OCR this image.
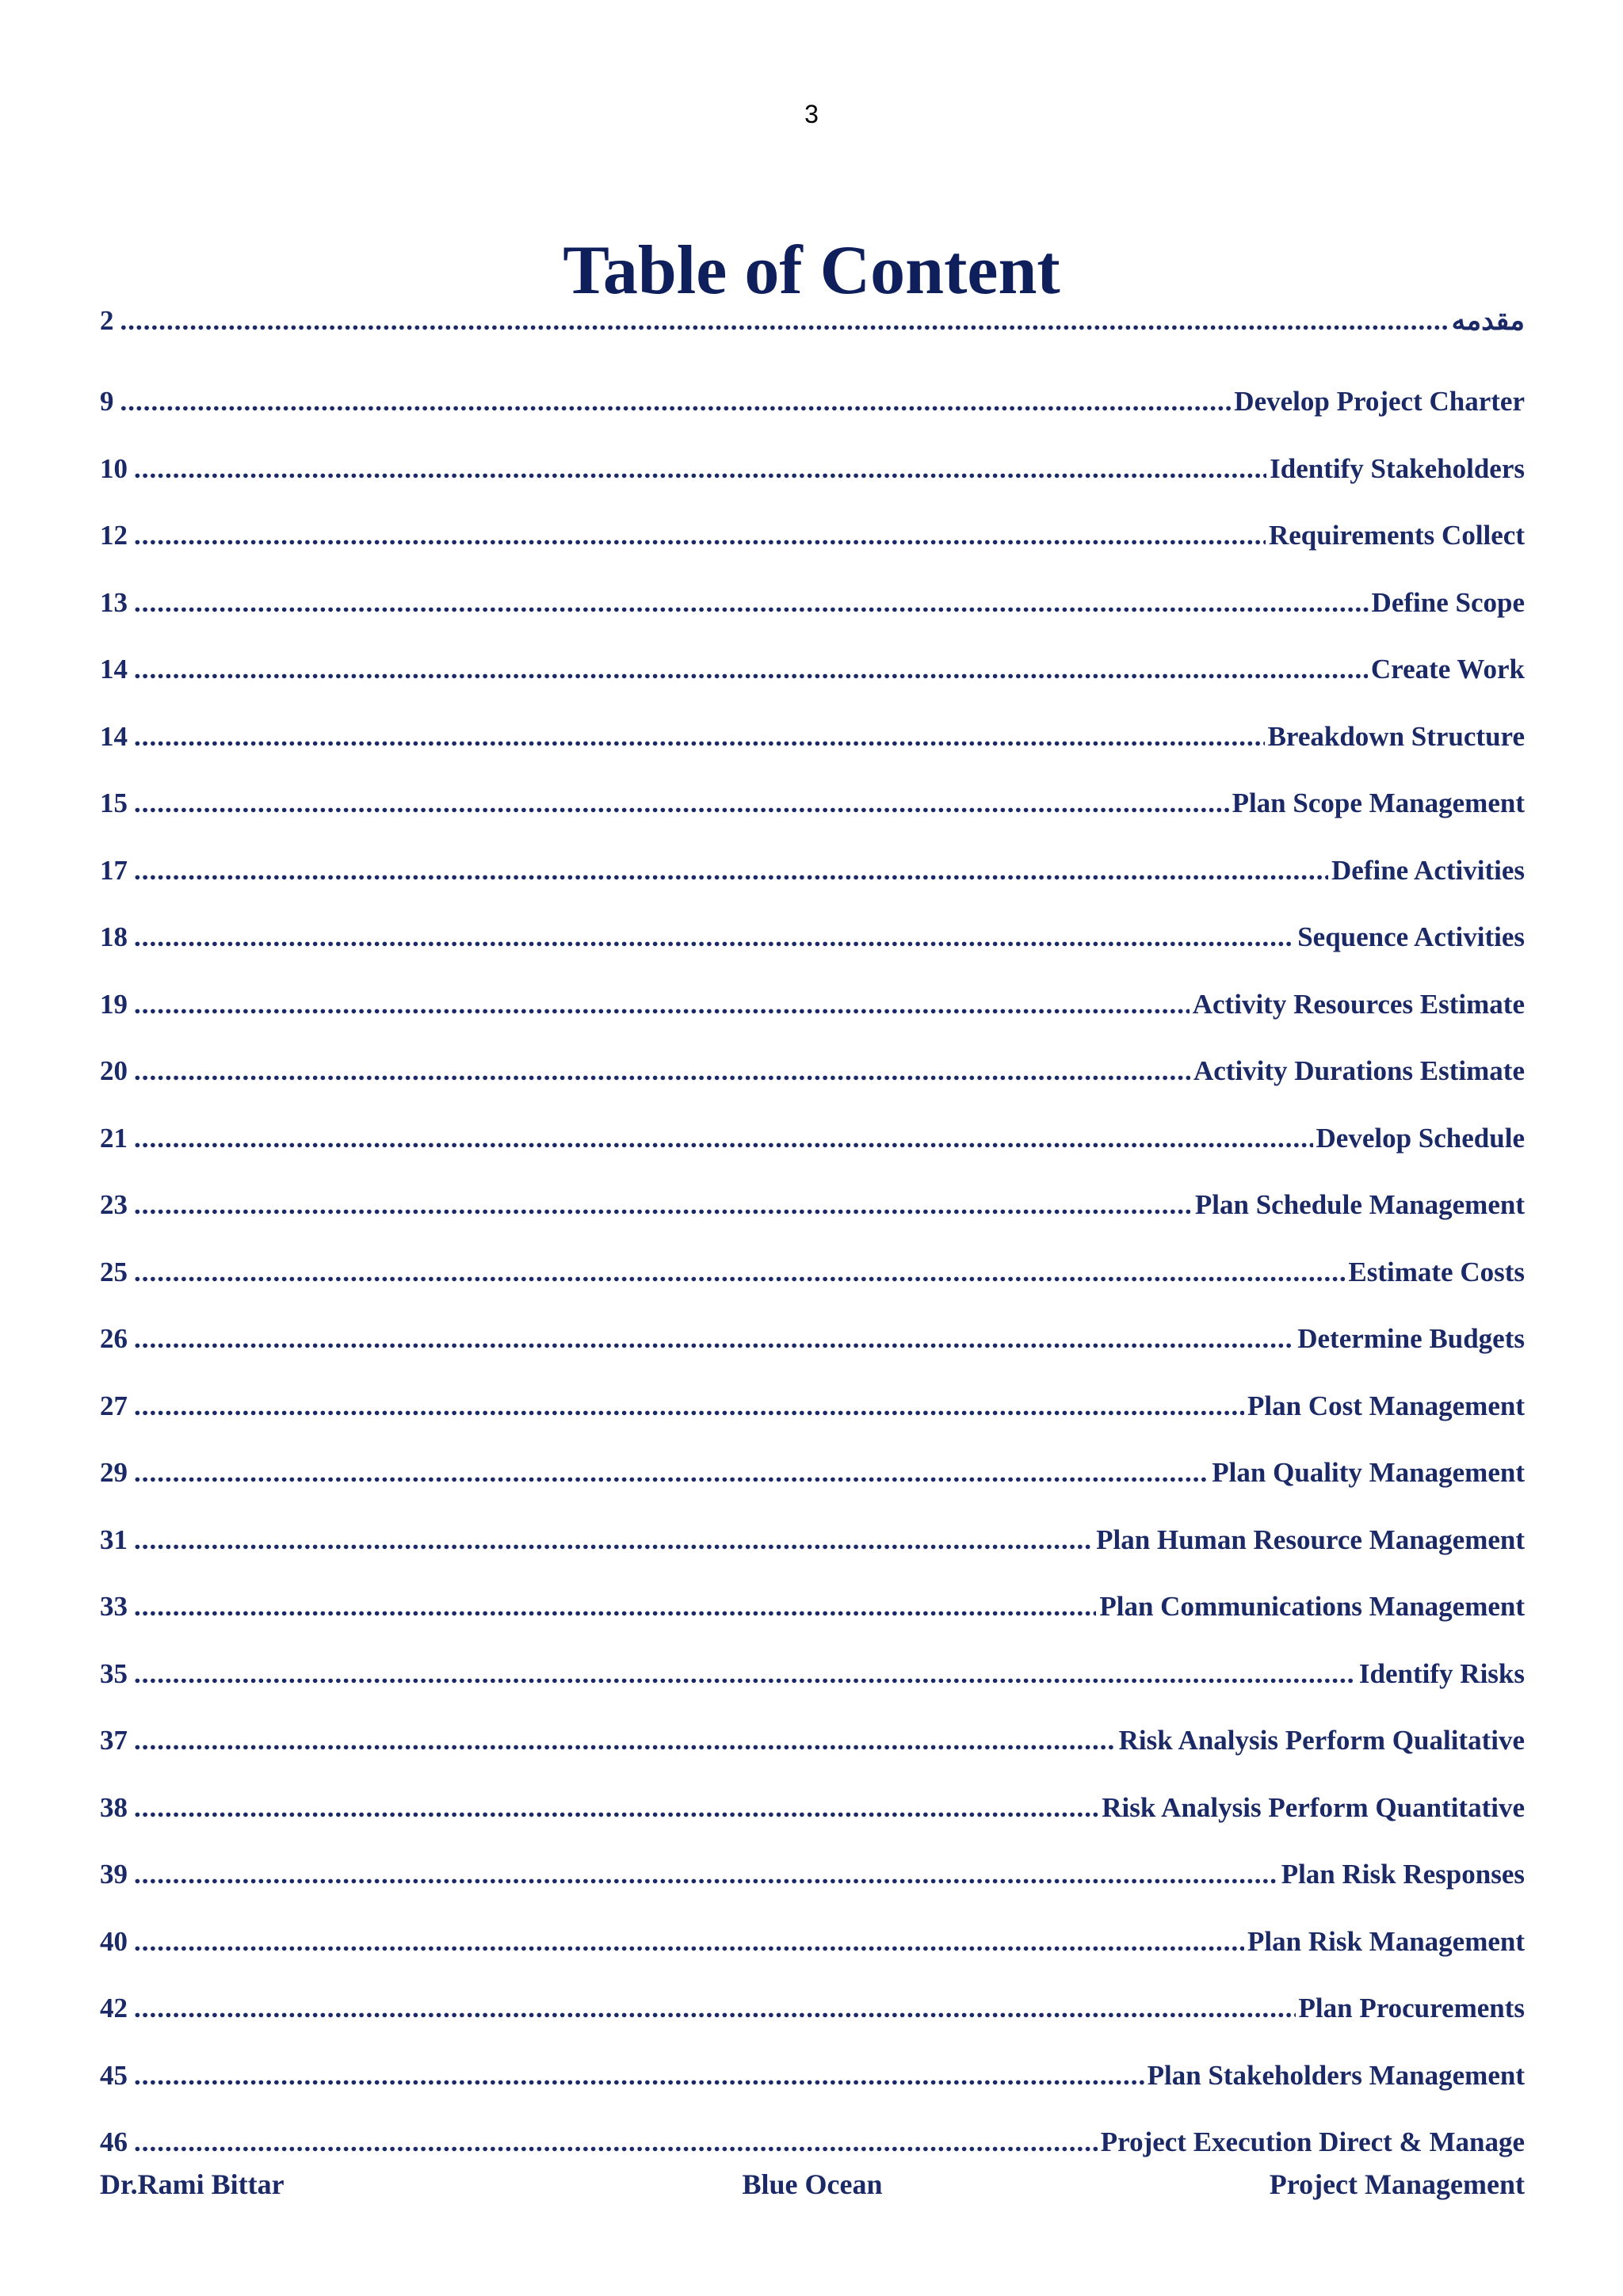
3
Table of Content
2 .....	مقدمه
9 .....	Develop Project Charter
10 .....	Identify Stakeholders
12 .....	Requirements Collect
13 .....	Define Scope
14 .....	Create Work
14 .....	Breakdown Structure
15 .....	Plan Scope Management
17 .....	Define Activities
18 .....	Sequence Activities
19 .....	Activity Resources Estimate
20 .....	Activity Durations Estimate
21 .....	Develop Schedule
23 .....	Plan Schedule Management
25 .....	Estimate Costs
26 .....	Determine Budgets
27 .....	Plan Cost Management
29 .....	Plan Quality Management
31 .....	Plan Human Resource Management
33 .....	Plan Communications Management
35 .....	Identify Risks
37 .....	Risk Analysis Perform Qualitative
38 .....	Risk Analysis Perform Quantitative
39 .....	Plan Risk Responses
40 .....	Plan Risk Management
42 .....	Plan Procurements
45 .....	Plan Stakeholders Management
46 .....	Project Execution Direct & Manage
Dr.Rami Bittar	Blue Ocean	Project Management
